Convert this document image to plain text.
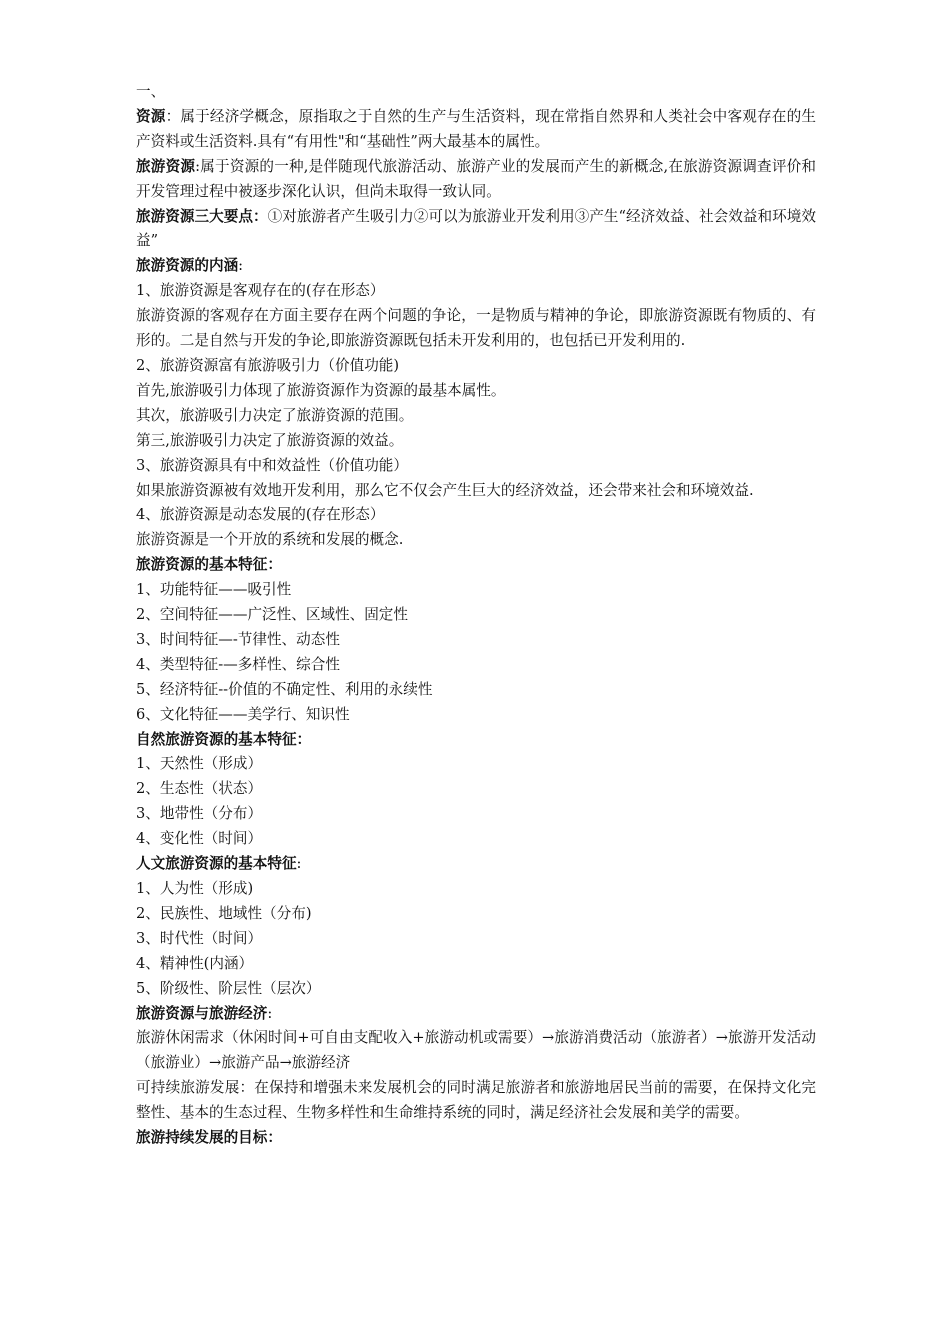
一、

资源：属于经济学概念，原指取之于自然的生产与生活资料，现在常指自然界和人类社会中客观存在的生产资料或生活资料.具有“有用性"和“基础性”两大最基本的属性。

旅游资源:属于资源的一种,是伴随现代旅游活动、旅游产业的发展而产生的新概念,在旅游资源调查评价和开发管理过程中被逐步深化认识，但尚未取得一致认同。

旅游资源三大要点：①对旅游者产生吸引力②可以为旅游业开发利用③产生“经济效益、社会效益和环境效益”

旅游资源的内涵:

1、旅游资源是客观存在的(存在形态）

旅游资源的客观存在方面主要存在两个问题的争论，一是物质与精神的争论，即旅游资源既有物质的、有形的。二是自然与开发的争论,即旅游资源既包括未开发利用的，也包括已开发利用的.

2、旅游资源富有旅游吸引力（价值功能)

首先,旅游吸引力体现了旅游资源作为资源的最基本属性。

其次，旅游吸引力决定了旅游资源的范围。

第三,旅游吸引力决定了旅游资源的效益。

3、旅游资源具有中和效益性（价值功能）

如果旅游资源被有效地开发利用，那么它不仅会产生巨大的经济效益，还会带来社会和环境效益.

4、旅游资源是动态发展的(存在形态）

旅游资源是一个开放的系统和发展的概念.

旅游资源的基本特征：

1、功能特征——吸引性

2、空间特征——广泛性、区域性、固定性

3、时间特征—-节律性、动态性

4、类型特征-—多样性、综合性

5、经济特征--价值的不确定性、利用的永续性

6、文化特征——美学行、知识性

自然旅游资源的基本特征：

1、天然性（形成）

2、生态性（状态）

3、地带性（分布）

4、变化性（时间）

人文旅游资源的基本特征:

1、人为性（形成)

2、民族性、地域性（分布)

3、时代性（时间）

4、精神性(内涵）

5、阶级性、阶层性（层次）

旅游资源与旅游经济:

旅游休闲需求（休闲时间+可自由支配收入+旅游动机或需要）→旅游消费活动（旅游者）→旅游开发活动（旅游业）→旅游产品→旅游经济

可持续旅游发展：在保持和增强未来发展机会的同时满足旅游者和旅游地居民当前的需要，在保持文化完整性、基本的生态过程、生物多样性和生命维持系统的同时，满足经济社会发展和美学的需要。

旅游持续发展的目标：
